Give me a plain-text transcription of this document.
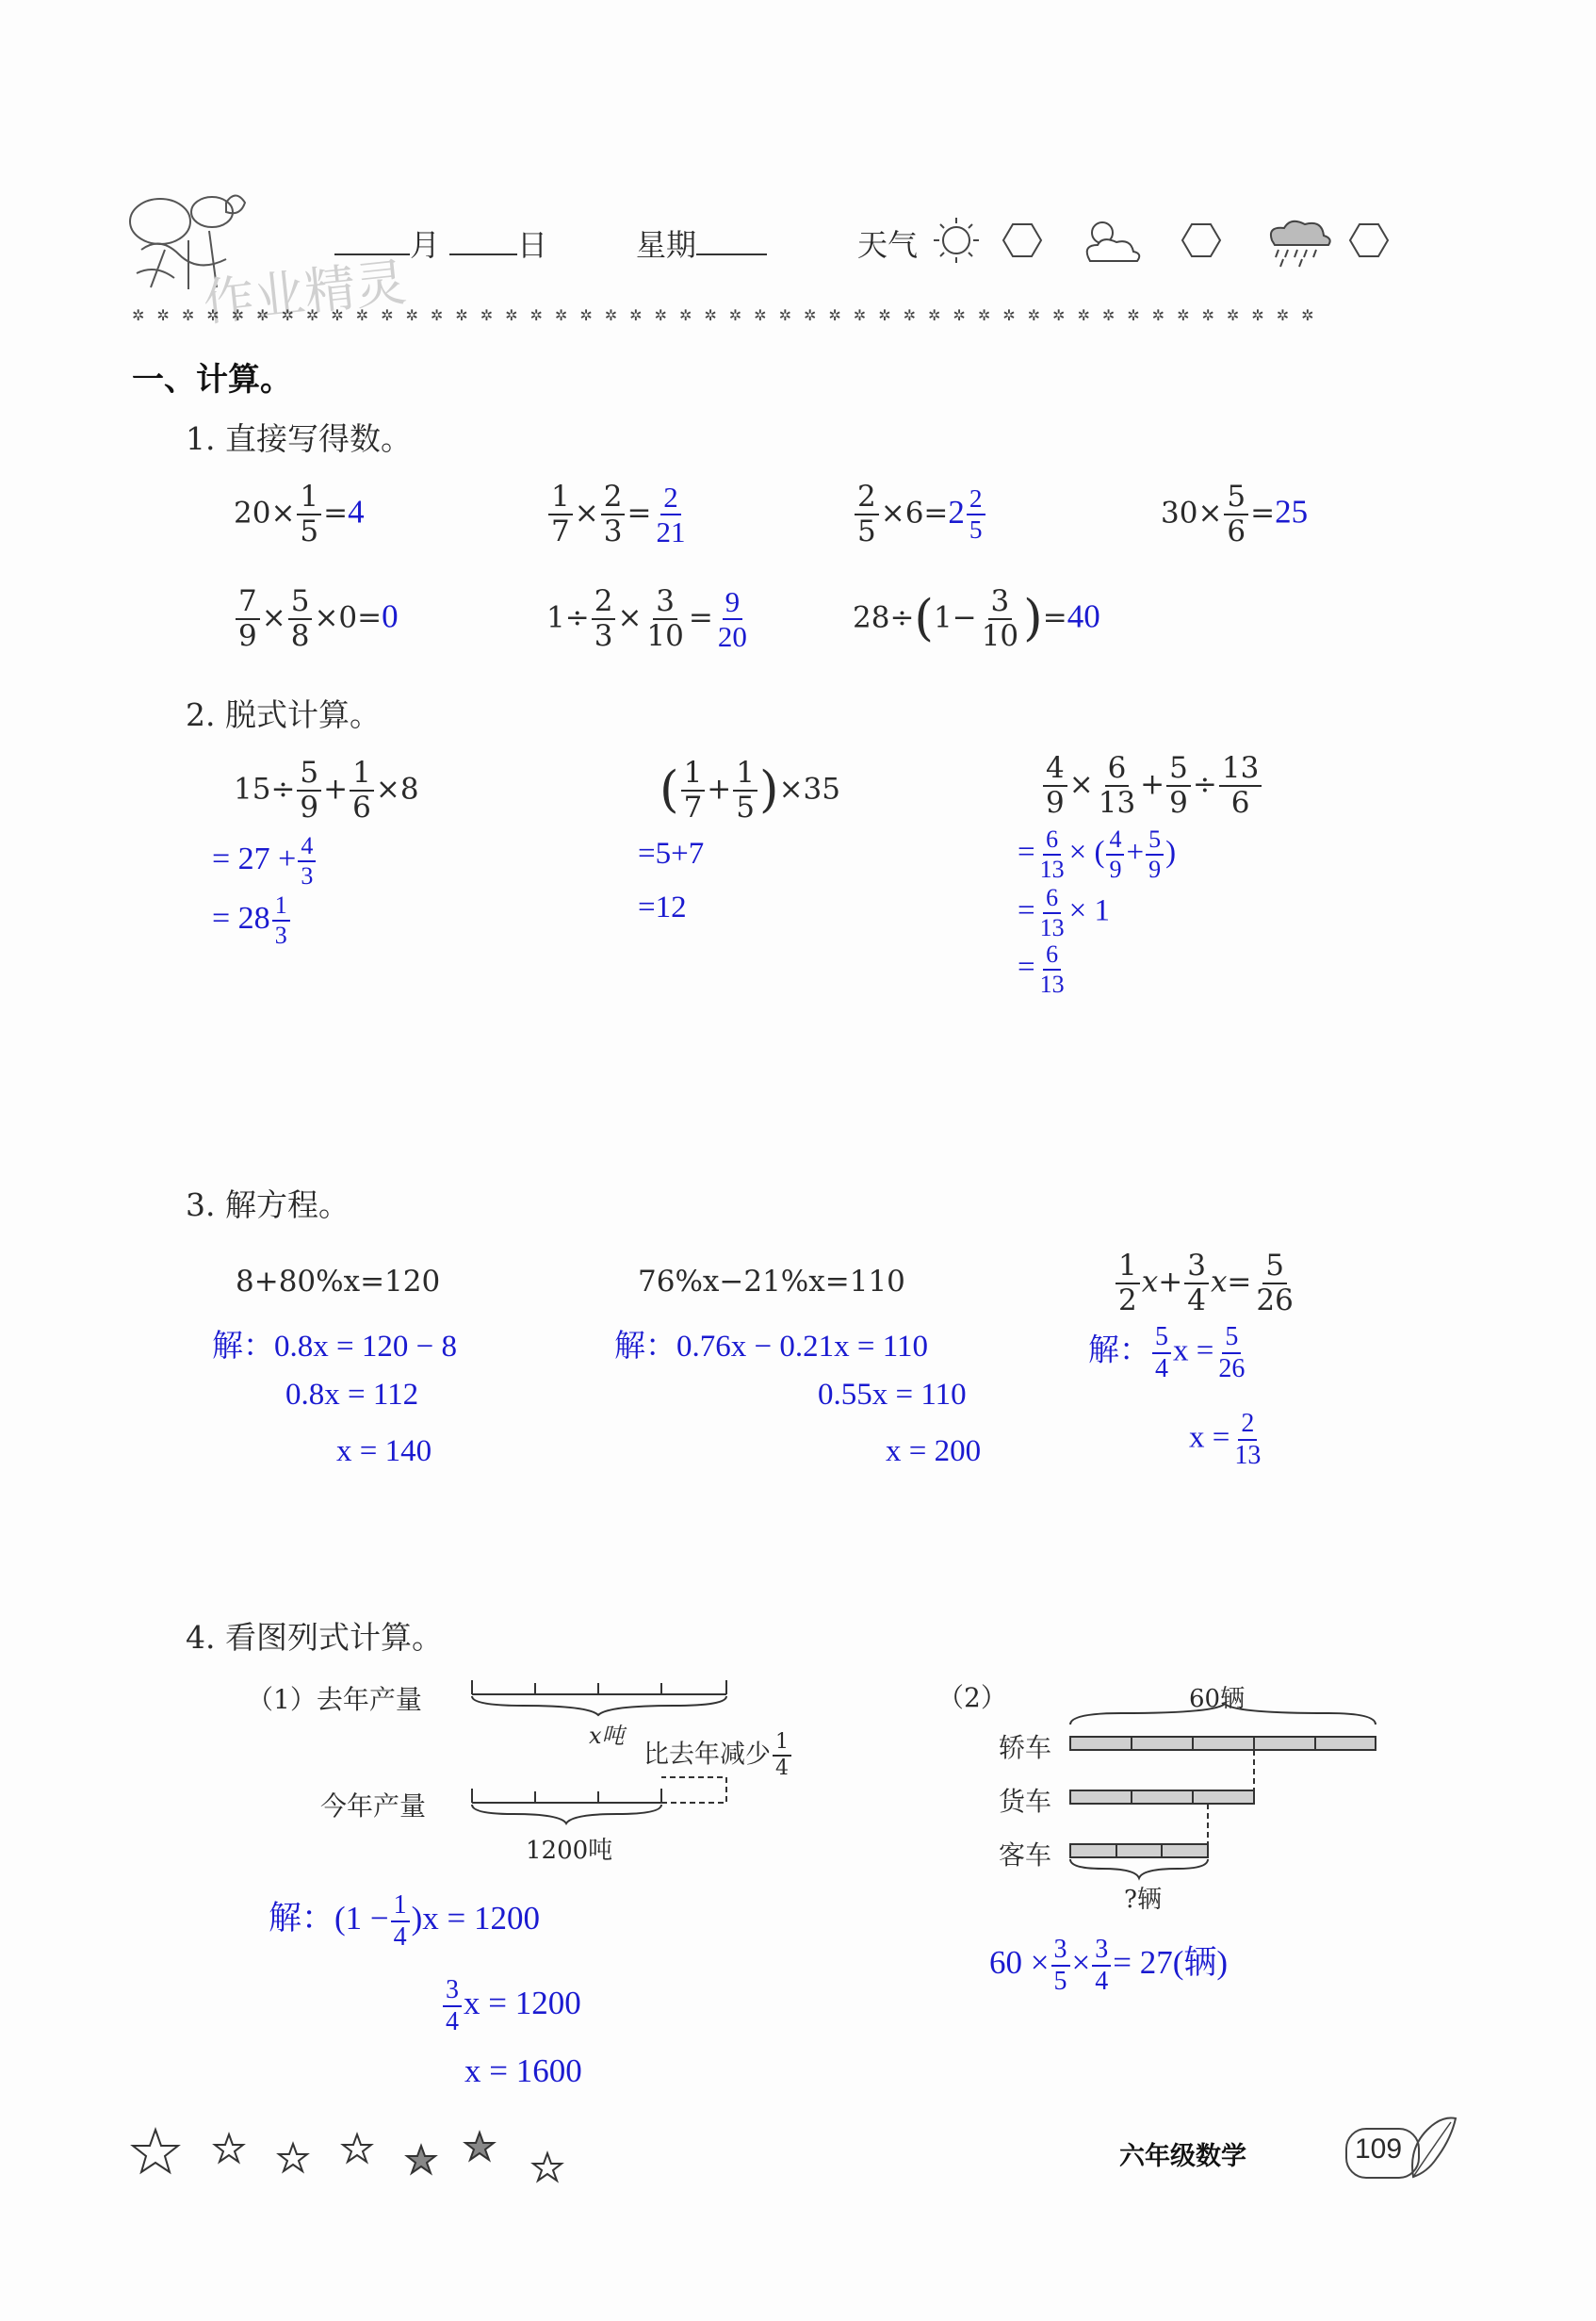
作业精灵
月	日	星期	天气
✲✲✲✲✲✲✲✲✲✲✲✲✲✲✲✲✲✲✲✲✲✲✲✲✲✲✲✲✲✲✲✲✲✲✲✲✲✲✲✲✲✲✲✲✲✲✲✲
一、计算。
1. 直接写得数。
$20\times \frac{1}{5} =4$	$\frac{1}{7} \times \frac{2}{3} = \frac{2}{21}$	$\frac{2}{5} \times 6=2 \frac{2}{5}$	$30\times \frac{5}{6} =25$
$\frac{7}{9} \times \frac{5}{8} \times 0=0$	$1\div \frac{2}{3} \times \frac{3}{10} = \frac{9}{20}$	$28\div(1- \frac{3}{10} )=40$
2. 脱式计算。
$15\div \frac{5}{9} + \frac{1}{6} \times 8$
= $27 + \frac{4}{3}$
= $28 \frac{1}{3}$
( $\frac{1}{7} + \frac{1}{5} )\times 35$
=5+7
=12
$\frac{4}{9} \times \frac{6}{13} + \frac{5}{9} \div \frac{13}{6}$
= $\frac{6}{13}$ × ( $\frac{4}{9} + \frac{5}{9}$ )
= $\frac{6}{13} \times 1$
= $\frac{6}{13}$
3. 解方程。
8+80%x=120
解：0.8x = 120 − 8
0.8x = 112
x = 140
76%x−21%x=110
解：0.76x − 0.21x = 110
0.55x = 110
x = 200
$\frac{1}{2} x+ \frac{3}{4} x= \frac{5}{26}$
解： $\frac{5}{4}$ $x = \frac{5}{26}$
$x = \frac{2}{13}$
4. 看图列式计算。
（1）去年产量
x吨
比去年减少 $\frac{1}{4}$
今年产量
1200吨
解：$(1 - \frac{1}{4} )x = 1200$
$\frac{3}{4}$ x = 1200
x = 1600
（2）	60辆
轿车
货车
客车
?辆
$60 \times \frac{3}{5} \times \frac{3}{4} = 27$(辆)
六年级数学	109
